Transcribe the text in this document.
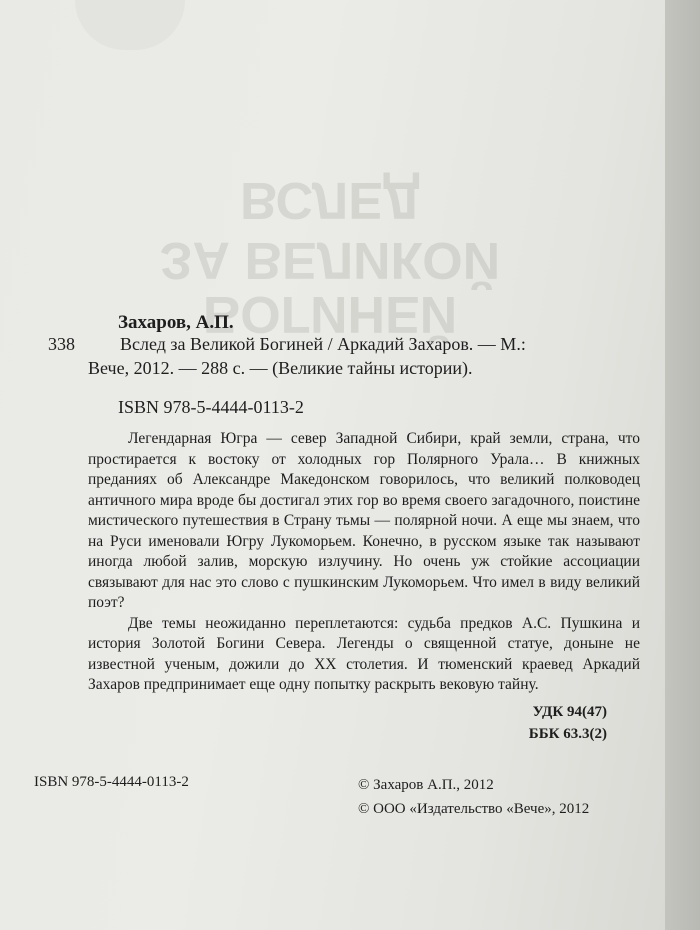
ВСЛЕД
ЗА ВЕЛИКОЙ
БОГИНЕЙ
Захаров, А.П.
338	Вслед за Великой Богиней / Аркадий Захаров. — М.:
Вече, 2012. — 288 с. — (Великие тайны истории).
ISBN 978-5-4444-0113-2

Легендарная Югра — север Западной Сибири, край земли, страна, что простирается к востоку от холодных гор Полярного Урала… В книжных преданиях об Александре Македонском говорилось, что великий полководец античного мира вроде бы достигал этих гор во время своего загадочного, поистине мистического путешествия в Страну тьмы — полярной ночи. А еще мы знаем, что на Руси именовали Югру Лукоморьем. Конечно, в русском языке так называют иногда любой залив, морскую излучину. Но очень уж стойкие ассоциации связывают для нас это слово с пушкинским Лукоморьем. Что имел в виду великий поэт?

Две темы неожиданно переплетаются: судьба предков А.С. Пушкина и история Золотой Богини Севера. Легенды о священной статуе, доныне не известной ученым, дожили до XX столетия. И тюменский краевед Аркадий Захаров предпринимает еще одну попытку раскрыть вековую тайну.

УДК 94(47)
ББК 63.3(2)
ISBN 978-5-4444-0113-2	© Захаров А.П., 2012
© ООО «Издательство «Вече», 2012
